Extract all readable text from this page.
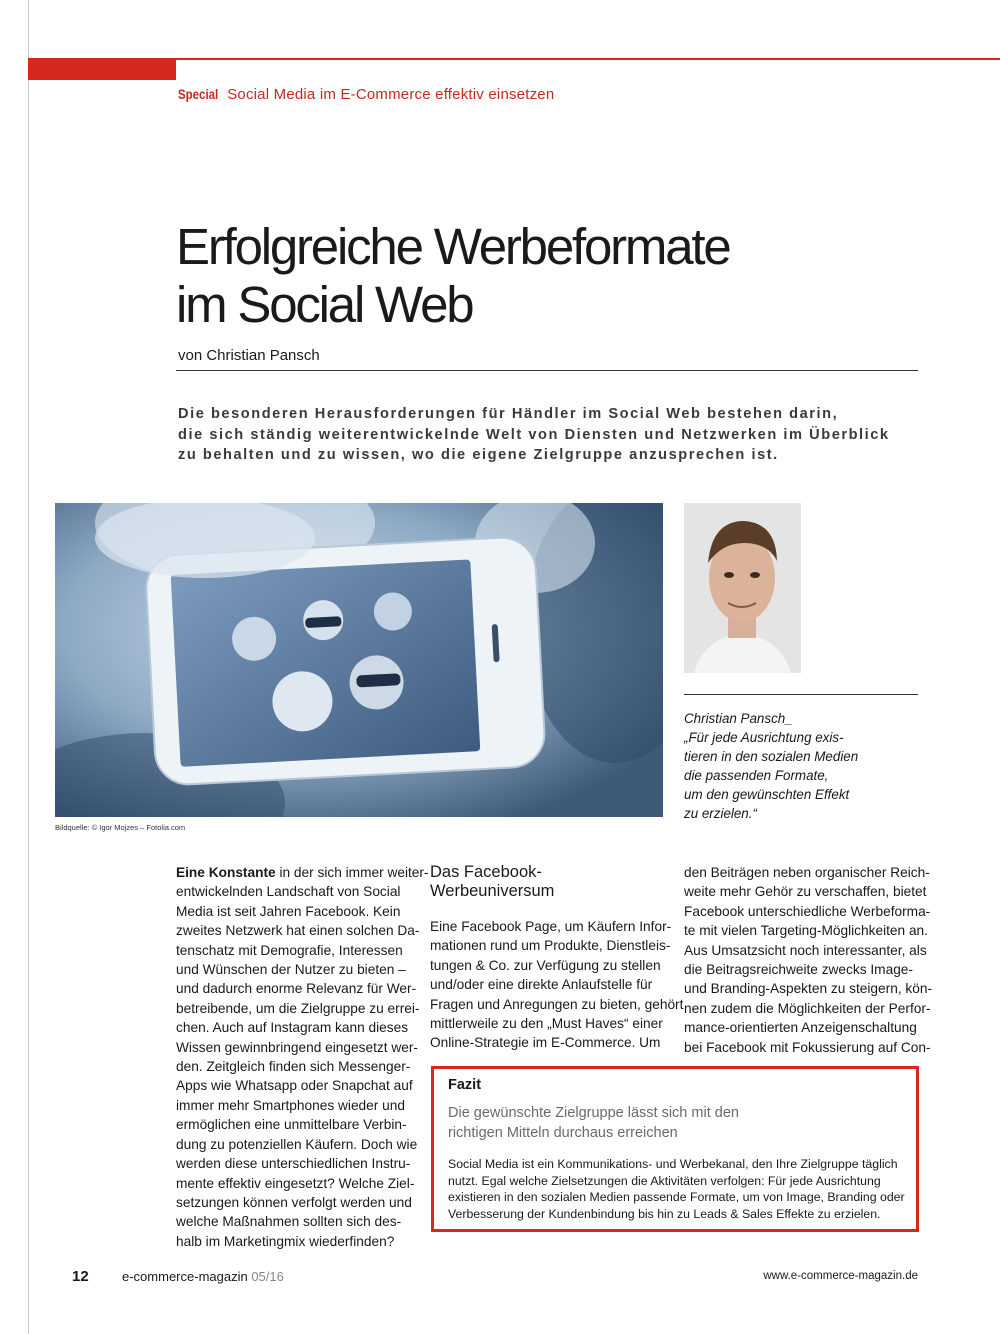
Special Social Media im E-Commerce effektiv einsetzen
Erfolgreiche Werbeformate
im Social Web
von Christian Pansch
Die besonderen Herausforderungen für Händler im Social Web bestehen darin,
die sich ständig weiterentwickelnde Welt von Diensten und Netzwerken im Überblick
zu behalten und zu wissen, wo die eigene Zielgruppe anzusprechen ist.
Bildquelle: © Igor Mojzes – Fotolia.com
Christian Pansch_
„Für jede Ausrichtung exis-
tieren in den sozialen Medien
die passenden Formate,
um den gewünschten Effekt
zu erzielen.“
Eine Konstante in der sich immer weiter-
entwickelnden Landschaft von Social
Media ist seit Jahren Facebook. Kein
zweites Netzwerk hat einen solchen Da-
tenschatz mit Demografie, Interessen
und Wünschen der Nutzer zu bieten –
und dadurch enorme Relevanz für Wer-
betreibende, um die Zielgruppe zu errei-
chen. Auch auf Instagram kann dieses
Wissen gewinnbringend eingesetzt wer-
den. Zeitgleich finden sich Messenger-
Apps wie Whatsapp oder Snapchat auf
immer mehr Smartphones wieder und
ermöglichen eine unmittelbare Verbin-
dung zu potenziellen Käufern. Doch wie
werden diese unterschiedlichen Instru-
mente effektiv eingesetzt? Welche Ziel-
setzungen können verfolgt werden und
welche Maßnahmen sollten sich des-
halb im Marketingmix wiederfinden?
Das Facebook-
Werbeuniversum
Eine Facebook Page, um Käufern Infor-
mationen rund um Produkte, Dienstleis-
tungen & Co. zur Verfügung zu stellen
und/oder eine direkte Anlaufstelle für
Fragen und Anregungen zu bieten, gehört
mittlerweile zu den „Must Haves“ einer
Online-Strategie im E-Commerce. Um
den Beiträgen neben organischer Reich-
weite mehr Gehör zu verschaffen, bietet
Facebook unterschiedliche Werbeforma-
te mit vielen Targeting-Möglichkeiten an.
Aus Umsatzsicht noch interessanter, als
die Beitragsreichweite zwecks Image-
und Branding-Aspekten zu steigern, kön-
nen zudem die Möglichkeiten der Perfor-
mance-orientierten Anzeigenschaltung
bei Facebook mit Fokussierung auf Con-
Fazit
Die gewünschte Zielgruppe lässt sich mit den
richtigen Mitteln durchaus erreichen
Social Media ist ein Kommunikations- und Werbekanal, den Ihre Zielgruppe täglich
nutzt. Egal welche Zielsetzungen die Aktivitäten verfolgen: Für jede Ausrichtung
existieren in den sozialen Medien passende Formate, um von Image, Branding oder
Verbesserung der Kundenbindung bis hin zu Leads & Sales Effekte zu erzielen.
12	e-commerce-magazin 05/16	www.e-commerce-magazin.de
